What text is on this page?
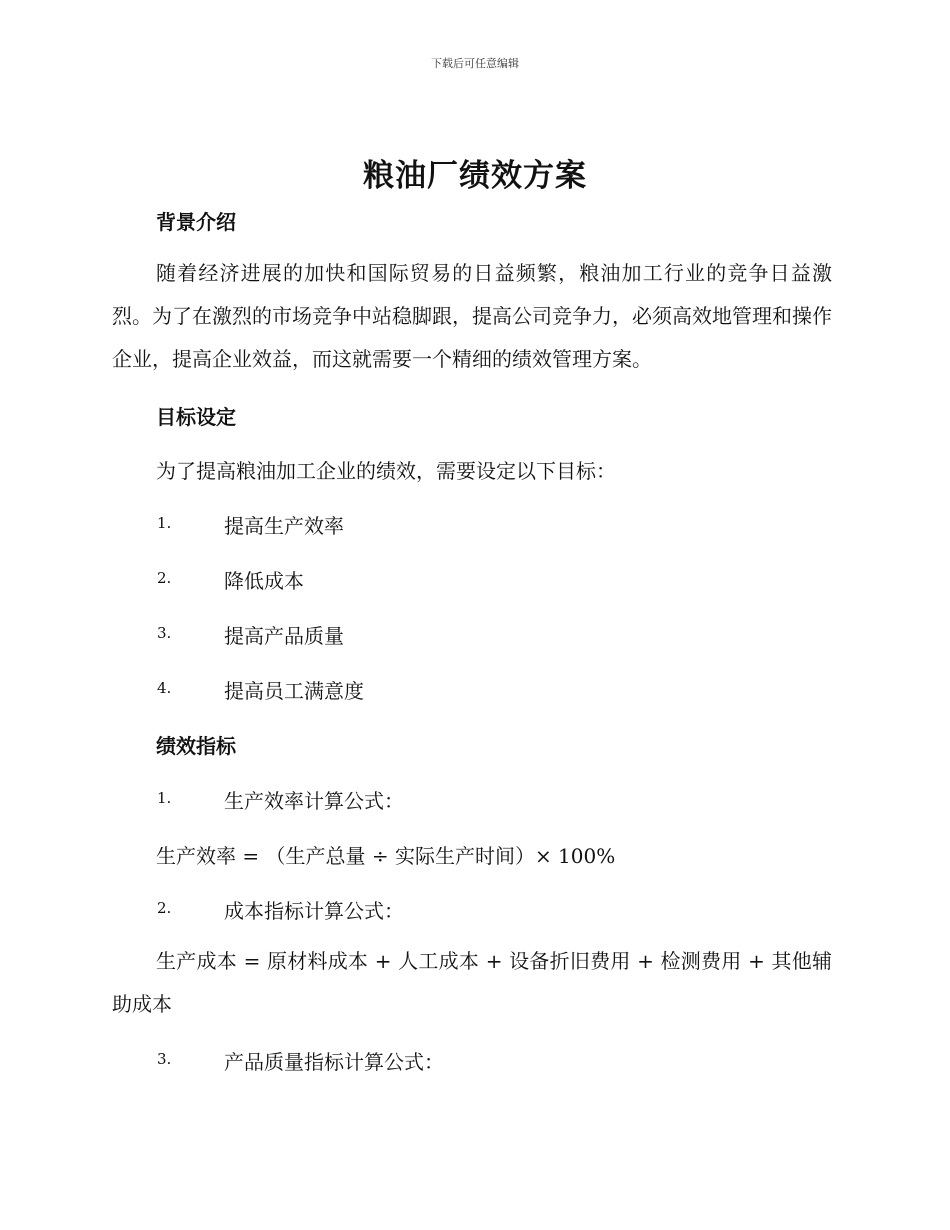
下载后可任意编辑
粮油厂绩效方案
背景介绍
随着经济进展的加快和国际贸易的日益频繁，粮油加工行业的竞争日益激烈。为了在激烈的市场竞争中站稳脚跟，提高公司竞争力，必须高效地管理和操作企业，提高企业效益，而这就需要一个精细的绩效管理方案。
目标设定
为了提高粮油加工企业的绩效，需要设定以下目标：
1.	提高生产效率
2.	降低成本
3.	提高产品质量
4.	提高员工满意度
绩效指标
1.	生产效率计算公式：
生产效率 = （生产总量 ÷ 实际生产时间）× 100%
2.	成本指标计算公式：
生产成本 = 原材料成本 + 人工成本 + 设备折旧费用 + 检测费用 + 其他辅助成本
3.	产品质量指标计算公式：
